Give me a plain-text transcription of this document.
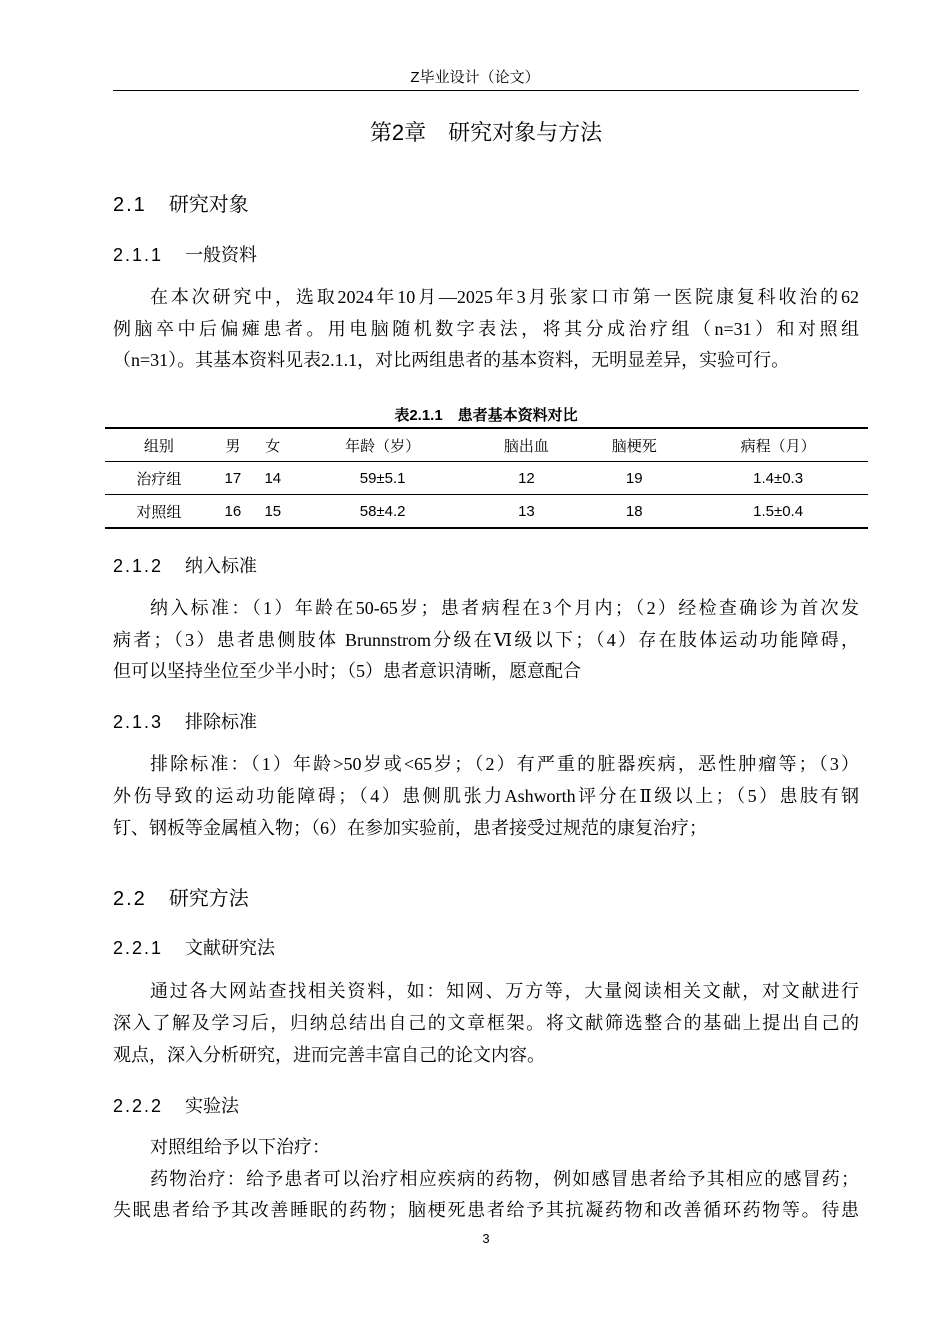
Z毕业设计（论文）
第2章　研究对象与方法
2.1 研究对象
2.1.1 一般资料
在本次研究中，选取2024年10月—2025年3月张家口市第一医院康复科收治的62
例脑卒中后偏瘫患者。用电脑随机数字表法，将其分成治疗组（n=31）和对照组
（n=31）。其基本资料见表2.1.1，对比两组患者的基本资料，无明显差异，实验可行。
表2.1.1　患者基本资料对比
组别	男	女	年龄（岁）	脑出血	脑梗死	病程（月）
治疗组	17	14	59±5.1	12	19	1.4±0.3
对照组	16	15	58±4.2	13	18	1.5±0.4
2.1.2 纳入标准
纳入标准：（1）年龄在50-65岁；患者病程在3个月内；（2）经检查确诊为首次发
病者；（3）患者患侧肢体 Brunnstrom分级在Ⅵ级以下；（4）存在肢体运动功能障碍，
但可以坚持坐位至少半小时；（5）患者意识清晰，愿意配合
2.1.3 排除标准
排除标准：（1）年龄>50岁或<65岁；（2）有严重的脏器疾病，恶性肿瘤等；（3）
外伤导致的运动功能障碍；（4）患侧肌张力Ashworth评分在Ⅱ级以上；（5）患肢有钢
钉、钢板等金属植入物；（6）在参加实验前，患者接受过规范的康复治疗；
2.2 研究方法
2.2.1 文献研究法
通过各大网站查找相关资料，如：知网、万方等，大量阅读相关文献，对文献进行
深入了解及学习后，归纳总结出自己的文章框架。将文献筛选整合的基础上提出自己的
观点，深入分析研究，进而完善丰富自己的论文内容。
2.2.2 实验法
对照组给予以下治疗：
药物治疗：给予患者可以治疗相应疾病的药物，例如感冒患者给予其相应的感冒药；
失眠患者给予其改善睡眠的药物；脑梗死患者给予其抗凝药物和改善循环药物等。待患
3
